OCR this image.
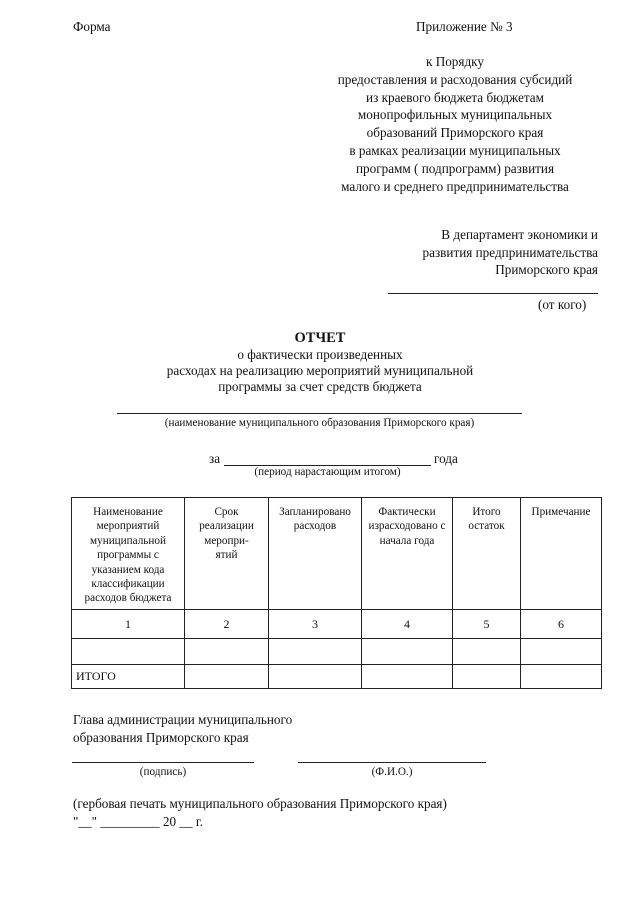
Форма	Приложение № 3
к Порядку
предоставления и расходования субсидий
из краевого бюджета бюджетам
монопрофильных муниципальных
образований Приморского края
в рамках реализации муниципальных
программ ( подпрограмм) развития
малого и среднего предпринимательства
В департамент экономики и
развития предпринимательства
Приморского края
(от кого)
ОТЧЕТ
о фактически произведенных
расходах на реализацию мероприятий муниципальной
программы за счет средств бюджета
(наименование муниципального образования Приморского края)
за	года
(период нарастающим итогом)
Наименование мероприятий муниципальной программы с указанием кода классификации расходов бюджета	Срок реализации меропри-ятий	Запланировано расходов	Фактически израсходовано с начала года	Итого остаток	Примечание

1	2	3	4	5	6

ИТОГО					
Глава администрации муниципального
образования Приморского края
(подпись)	(Ф.И.О.)
(гербовая печать муниципального образования Приморского края)
"__" _________ 20 __ г.
